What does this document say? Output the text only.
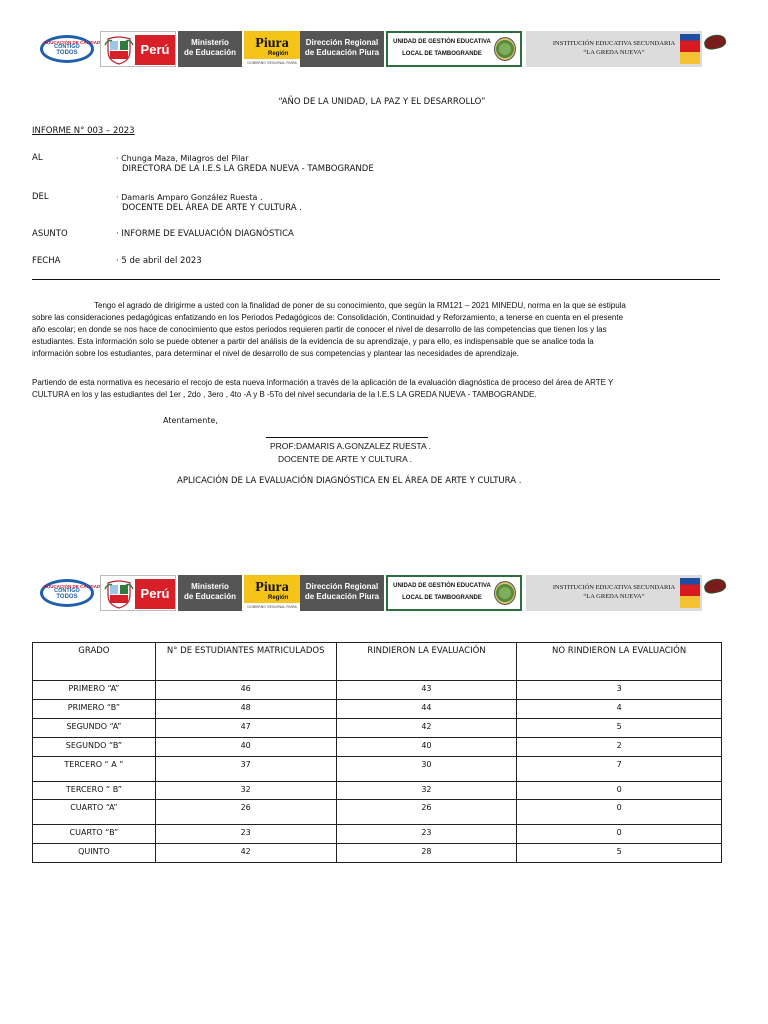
EDUCACIÓN DE CALIDAD
CONTIGO
TODOS	Perú	Ministerio
de Educación
Piura
Región
GOBIERNO REGIONAL PIURA
Dirección Regional
de Educación Piura
UNIDAD DE GESTIÓN EDUCATIVA
LOCAL DE TAMBOGRANDE
INSTITUCIÓN EDUCATIVA SECUNDARIA
“LA GREDA NUEVA”
“AÑO DE LA UNIDAD, LA PAZ Y EL DESARROLLO”
INFORME N° 003 – 2023
AL	· Chunga Maza, Milagros del Pilar
DIRECTORA DE LA I.E.S LA GREDA NUEVA - TAMBOGRANDE
DEL	· Damaris Amparo González Ruesta .
DOCENTE DEL ÁREA DE ARTE Y CULTURA .
ASUNTO	· INFORME DE EVALUACIÓN DIAGNÓSTICA
FECHA	· 5 de abril del 2023
Tengo el agrado de dirigirme a usted con la finalidad de poner de su conocimiento, que según la RM121 – 2021 MINEDU, norma en la que se estipula
sobre las consideraciones pedagógicas enfatizando en los Periodos Pedagógicos de: Consolidación, Continuidad y Reforzamiento, a tenerse en cuenta en el presente
año escolar; en donde se nos hace de conocimiento que estos periodos requieren partir de conocer el nivel de desarrollo de las competencias que tienen los y las
estudiantes. Esta información solo se puede obtener a partir del análisis de la evidencia de su aprendizaje, y para ello, es indispensable que se analice toda la
información sobre los estudiantes, para determinar el nivel de desarrollo de sus competencias y plantear las necesidades de aprendizaje.
Partiendo de esta normativa es necesario el recojo de esta nueva información a través de la aplicación de la evaluación diagnóstica de proceso del área de ARTE Y
CULTURA en los y las estudiantes del 1er , 2do , 3ero , 4to -A y B -5To del nivel secundaria de la I.E.S LA GREDA NUEVA - TAMBOGRANDE.
Atentamente,
PROF:DAMARIS A.GONZALEZ RUESTA .
DOCENTE DE ARTE Y CULTURA .
APLICACIÓN DE LA EVALUACIÓN DIAGNÓSTICA EN EL ÁREA DE ARTE Y CULTURA .
EDUCACIÓN DE CALIDAD
CONTIGO
TODOS	Perú	Ministerio
de Educación
Piura
Región
GOBIERNO REGIONAL PIURA
Dirección Regional
de Educación Piura
UNIDAD DE GESTIÓN EDUCATIVA
LOCAL DE TAMBOGRANDE
INSTITUCIÓN EDUCATIVA SECUNDARIA
“LA GREDA NUEVA”
GRADO	N° DE ESTUDIANTES MATRICULADOS	RINDIERON LA EVALUACIÓN	NO RINDIERON LA EVALUACIÓN
PRIMERO “A”	46	43	3
PRIMERO “B”	48	44	4
SEGUNDO “A”	47	42	5
SEGUNDO “B”	40	40	2
TERCERO “ A “	37	30	7
TERCERO “ B”	32	32	0
CUARTO “A”	26	26	0
CUARTO “B”	23	23	0
QUINTO	42	28	5
